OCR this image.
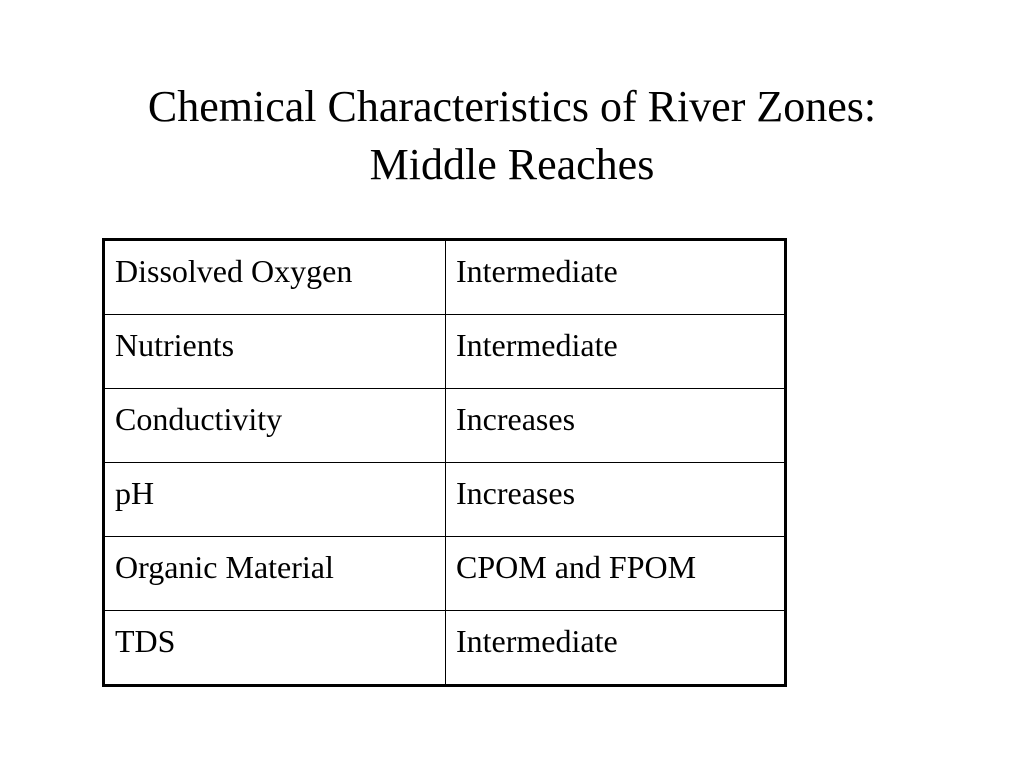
Chemical Characteristics of River Zones:
Middle Reaches
Dissolved Oxygen	Intermediate
Nutrients	Intermediate
Conductivity	Increases
pH	Increases
Organic Material	CPOM and FPOM
TDS	Intermediate
